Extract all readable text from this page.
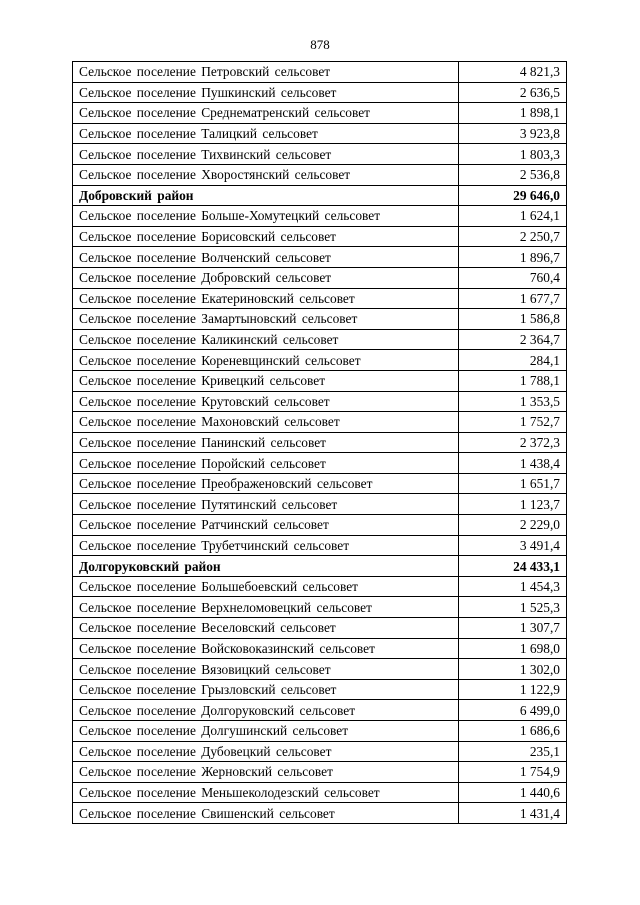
878
Сельское поселение Петровский сельсовет	4 821,3
Сельское поселение Пушкинский сельсовет	2 636,5
Сельское поселение Среднематренский сельсовет	1 898,1
Сельское поселение Талицкий сельсовет	3 923,8
Сельское поселение Тихвинский сельсовет	1 803,3
Сельское поселение Хворостянский сельсовет	2 536,8
Добровский район	29 646,0
Сельское поселение Больше-Хомутецкий сельсовет	1 624,1
Сельское поселение Борисовский сельсовет	2 250,7
Сельское поселение Волченский сельсовет	1 896,7
Сельское поселение Добровский сельсовет	760,4
Сельское поселение Екатериновский сельсовет	1 677,7
Сельское поселение Замартыновский сельсовет	1 586,8
Сельское поселение Каликинский сельсовет	2 364,7
Сельское поселение Кореневщинский сельсовет	284,1
Сельское поселение Кривецкий сельсовет	1 788,1
Сельское поселение Крутовский сельсовет	1 353,5
Сельское поселение Махоновский сельсовет	1 752,7
Сельское поселение Панинский сельсовет	2 372,3
Сельское поселение Поройский сельсовет	1 438,4
Сельское поселение Преображеновский сельсовет	1 651,7
Сельское поселение Путятинский сельсовет	1 123,7
Сельское поселение Ратчинский сельсовет	2 229,0
Сельское поселение Трубетчинский сельсовет	3 491,4
Долгоруковский район	24 433,1
Сельское поселение Большебоевский сельсовет	1 454,3
Сельское поселение Верхнеломовецкий сельсовет	1 525,3
Сельское поселение Веселовский сельсовет	1 307,7
Сельское поселение Войсковоказинский сельсовет	1 698,0
Сельское поселение Вязовицкий сельсовет	1 302,0
Сельское поселение Грызловский сельсовет	1 122,9
Сельское поселение Долгоруковский сельсовет	6 499,0
Сельское поселение Долгушинский сельсовет	1 686,6
Сельское поселение Дубовецкий сельсовет	235,1
Сельское поселение Жерновский сельсовет	1 754,9
Сельское поселение Меньшеколодезский сельсовет	1 440,6
Сельское поселение Свишенский сельсовет	1 431,4
